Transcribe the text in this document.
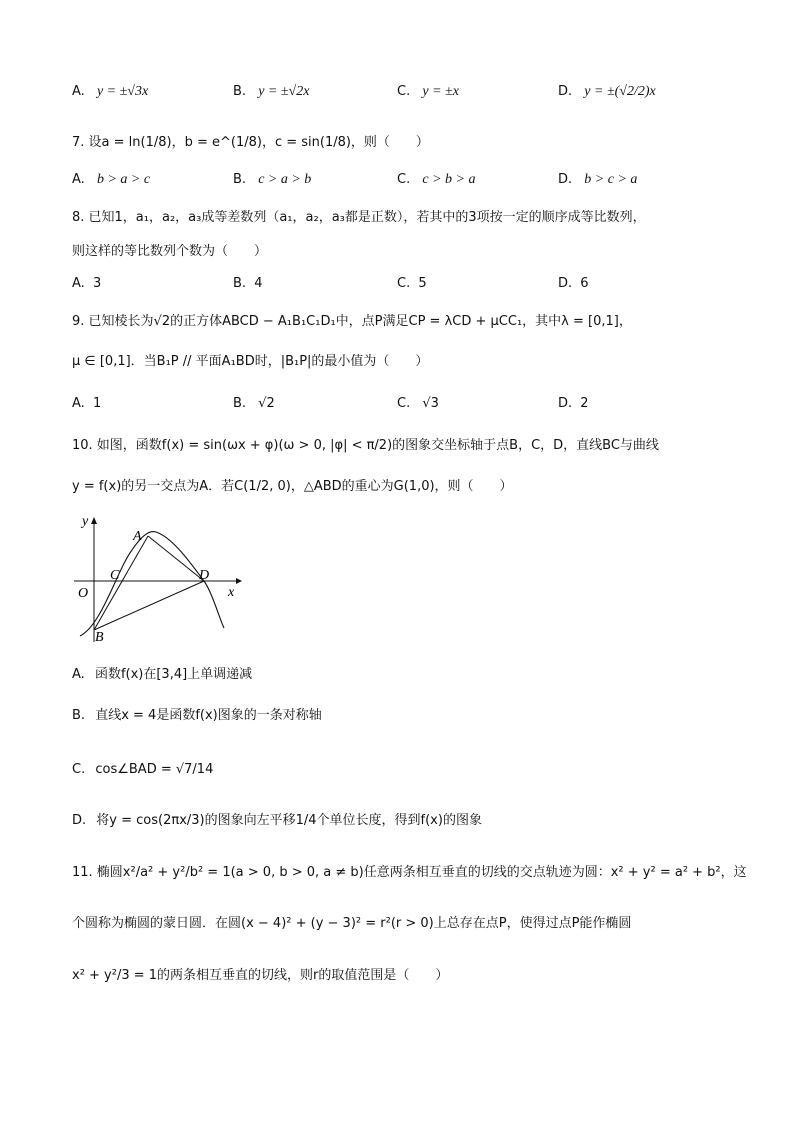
A. y = ±√3x	B. y = ±√2x	C. y = ±x	D. y = ±(√2/2)x
7. 设a = ln(1/8)，b = e^(1/8)，c = sin(1/8)，则（　　）
A. b > a > c	B. c > a > b	C. c > b > a	D. b > c > a
8. 已知1，a₁，a₂，a₃成等差数列（a₁，a₂，a₃都是正数），若其中的3项按一定的顺序成等比数列，
则这样的等比数列个数为（　　）
A. 3	B. 4	C. 5	D. 6
9. 已知棱长为√2的正方体ABCD − A₁B₁C₁D₁中，点P满足CP = λCD + μCC₁，其中λ = [0,1]，
μ ∈ [0,1]．当B₁P // 平面A₁BD时，|B₁P|的最小值为（　　）
A. 1	B. √2	C. √3	D. 2
10. 如图，函数f(x) = sin(ωx + φ)(ω > 0, |φ| < π/2)的图象交坐标轴于点B，C，D，直线BC与曲线
y = f(x)的另一交点为A．若C(1/2, 0)，△ABD的重心为G(1,0)，则（　　）
y
x
O
A
B
C	D
A. 函数f(x)在[3,4]上单调递减
B. 直线x = 4是函数f(x)图象的一条对称轴
C. cos∠BAD = √7/14
D. 将y = cos(2πx/3)的图象向左平移1/4个单位长度，得到f(x)的图象
11. 椭圆x²/a² + y²/b² = 1(a > 0, b > 0, a ≠ b)任意两条相互垂直的切线的交点轨迹为圆：x² + y² = a² + b²，这
个圆称为椭圆的蒙日圆．在圆(x − 4)² + (y − 3)² = r²(r > 0)上总存在点P，使得过点P能作椭圆
x² + y²/3 = 1的两条相互垂直的切线，则r的取值范围是（　　）
